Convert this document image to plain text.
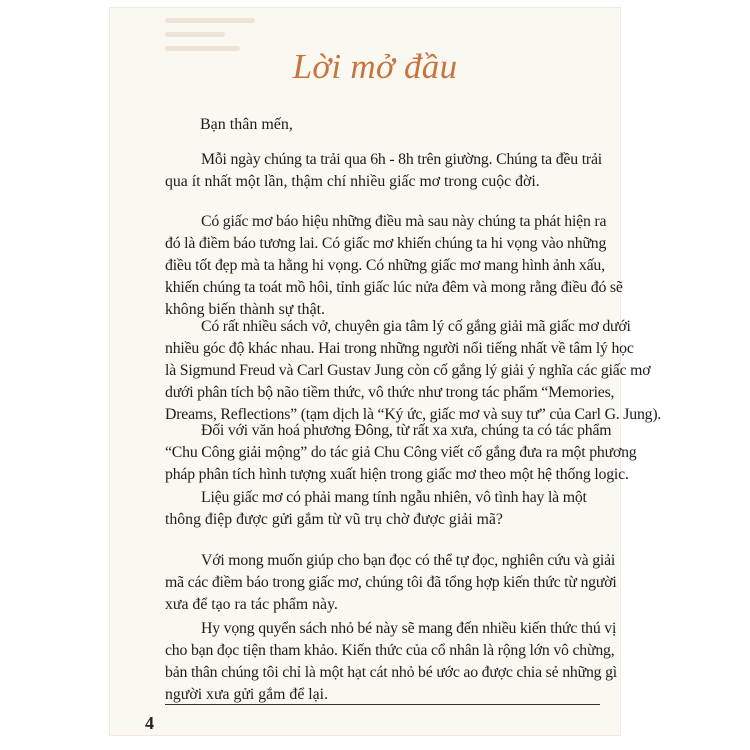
Lời mở đầu
Bạn thân mến,
Mỗi ngày chúng ta trải qua 6h - 8h trên giường. Chúng ta đều trải
qua ít nhất một lần, thậm chí nhiều giấc mơ trong cuộc đời.
Có giấc mơ báo hiệu những điều mà sau này chúng ta phát hiện ra
đó là điềm báo tương lai. Có giấc mơ khiến chúng ta hi vọng vào những
điều tốt đẹp mà ta hằng hi vọng. Có những giấc mơ mang hình ảnh xấu,
khiến chúng ta toát mồ hôi, tỉnh giấc lúc nửa đêm và mong rằng điều đó sẽ
không biến thành sự thật.
Có rất nhiều sách vở, chuyên gia tâm lý cố gắng giải mã giấc mơ dưới
nhiều góc độ khác nhau. Hai trong những người nổi tiếng nhất về tâm lý học
là Sigmund Freud và Carl Gustav Jung còn cố gắng lý giải ý nghĩa các giấc mơ
dưới phân tích bộ não tiềm thức, vô thức như trong tác phẩm “Memories,
Dreams, Reflections” (tạm dịch là “Ký ức, giấc mơ và suy tư” của Carl G. Jung).
Đối với văn hoá phương Đông, từ rất xa xưa, chúng ta có tác phẩm
“Chu Công giải mộng” do tác giả Chu Công viết cố gắng đưa ra một phương
pháp phân tích hình tượng xuất hiện trong giấc mơ theo một hệ thống logic.
Liệu giấc mơ có phải mang tính ngẫu nhiên, vô tình hay là một
thông điệp được gửi gắm từ vũ trụ chờ được giải mã?
Với mong muốn giúp cho bạn đọc có thể tự đọc, nghiên cứu và giải
mã các điềm báo trong giấc mơ, chúng tôi đã tổng hợp kiến thức từ người
xưa để tạo ra tác phẩm này.
Hy vọng quyển sách nhỏ bé này sẽ mang đến nhiều kiến thức thú vị
cho bạn đọc tiện tham khảo. Kiến thức của cổ nhân là rộng lớn vô chừng,
bản thân chúng tôi chỉ là một hạt cát nhỏ bé ước ao được chia sẻ những gì
người xưa gửi gắm để lại.
4
